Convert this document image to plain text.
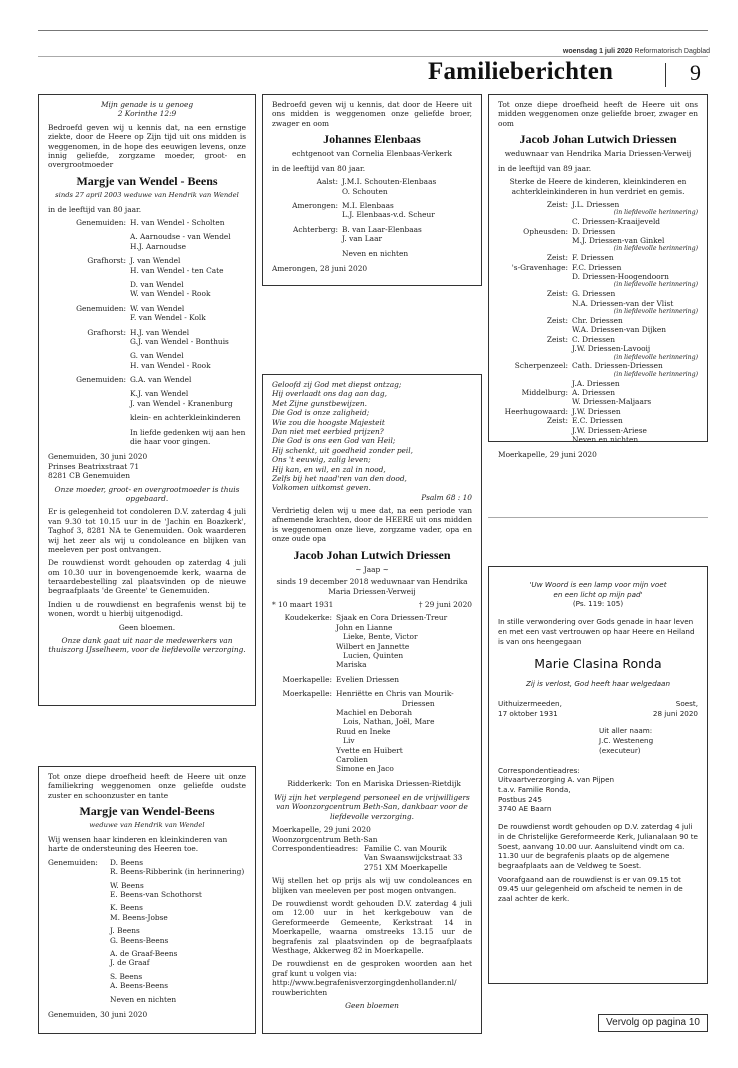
woensdag 1 juli 2020 Reformatorisch Dagblad
Familieberichten	9

Mijn genade is u genoeg

2 Korinthe 12:9

Bedroefd geven wij u kennis dat, na een ernstige ziekte, door de Heere op Zijn tijd uit ons midden is weggenomen, in de hope des eeuwigen levens, onze innig geliefde, zorgzame moeder, groot- en overgrootmoeder

Margje van Wendel - Beens
sinds 27 april 2003 weduwe van Hendrik van Wendel

in de leeftijd van 80 jaar.

Genemuiden: H. van Wendel - Scholten
A. Aarnoudse - van Wendel
H.J. Aarnoudse
Grafhorst: J. van Wendel
H. van Wendel - ten Cate
D. van Wendel
W. van Wendel - Rook
Genemuiden: W. van Wendel
F. van Wendel - Kolk
Grafhorst: H.J. van Wendel
G.J. van Wendel - Bonthuis
G. van Wendel
H. van Wendel - Rook
Genemuiden: G.A. van Wendel
K.J. van Wendel
J. van Wendel - Kranenburg
klein- en achterkleinkinderen
In liefde gedenken wij aan hen
die haar voor gingen.

Genemuiden, 30 juni 2020

Prinses Beatrixstraat 71

8281 CB Genemuiden

Onze moeder, groot- en overgrootmoeder is thuis opgebaard.

Er is gelegenheid tot condoleren D.V. zaterdag 4 juli van 9.30 tot 10.15 uur in de 'Jachin en Boazkerk', Taghof 3, 8281 NA te Genemuiden. Ook waarderen wij het zeer als wij u condoleance en blijken van meeleven per post ontvangen.

De rouwdienst wordt gehouden op zaterdag 4 juli om 10.30 uur in bovengenoemde kerk, waarna de teraardebestelling zal plaatsvinden op de nieuwe begraafplaats 'de Greente' te Genemuiden.

Indien u de rouwdienst en begrafenis wenst bij te wonen, wordt u hierbij uitgenodigd.

Geen bloemen.

Onze dank gaat uit naar de medewerkers van thuiszorg IJsselheem, voor de liefdevolle verzorging.

Tot onze diepe droefheid heeft de Heere uit onze familiekring weggenomen onze geliefde oudste zuster en schoonzuster en tante

Margje van Wendel-Beens
weduwe van Hendrik van Wendel

Wij wensen haar kinderen en kleinkinderen van harte de ondersteuning des Heeren toe.

Genemuiden:	D. Beens
R. Beens-Ribberink (in herinnering)
W. Beens
E. Beens-van Schothorst
K. Beens
M. Beens-Jobse
J. Beens
G. Beens-Beens
A. de Graaf-Beens
J. de Graaf
S. Beens
A. Beens-Beens
Neven en nichten

Genemuiden, 30 juni 2020

Bedroefd geven wij u kennis, dat door de Heere uit ons midden is weggenomen onze geliefde broer, zwager en oom

Johannes Elenbaas
echtgenoot van Cornelia Elenbaas-Verkerk

in de leeftijd van 80 jaar.

Aalst: J.M.I. Schouten-Elenbaas
O. Schouten
Amerongen: M.I. Elenbaas
L.J. Elenbaas-v.d. Scheur
Achterberg: B. van Laar-Elenbaas
J. van Laar
Neven en nichten

Amerongen, 28 juni 2020

Geloofd zij God met diepst ontzag;
Hij overlaadt ons dag aan dag,
Met Zijne gunstbewijzen.
Die God is onze zaligheid;
Wie zou die hoogste Majesteit
Dan niet met eerbied prijzen?
Die God is ons een God van Heil;
Hij schenkt, uit goedheid zonder peil,
Ons 't eeuwig, zalig leven;
Hij kan, en wil, en zal in nood,
Zelfs bij het naad'ren van den dood,
Volkomen uitkomst geven.

Psalm 68 : 10

Verdrietig delen wij u mee dat, na een periode van afnemende krachten, door de HEERE uit ons midden is weggenomen onze lieve, zorgzame vader, opa en onze oude opa

Jacob Johan Lutwich Driessen
~ Jaap ~

sinds 19 december 2018 weduwnaar van Hendrika Maria Driessen-Verweij

* 10 maart 1931	† 29 juni 2020
Koudekerke: Sjaak en Cora Driessen-Treur
John en Lianne
Lieke, Bente, Victor
Wilbert en Jannette
Lucien, Quinten
Mariska
Moerkapelle: Evelien Driessen
Moerkapelle: Henriëtte en Chris van Mourik-
Driessen
Machiel en Deborah
Lois, Nathan, Joël, Mare
Ruud en Ineke
Liv
Yvette en Huibert
Carolien
Simone en Jaco
Ridderkerk: Ton en Mariska Driessen-Rietdijk

Wij zijn het verplegend personeel en de vrijwilligers van Woonzorgcentrum Beth-San, dankbaar voor de liefdevolle verzorging.

Moerkapelle, 29 juni 2020

Woonzorgcentrum Beth-San

Correspondentieadres: Familie C. van Mourik
Van Swaanswijckstraat 33
2751 XM Moerkapelle

Wij stellen het op prijs als wij uw condoleances en blijken van meeleven per post mogen ontvangen.

De rouwdienst wordt gehouden D.V. zaterdag 4 juli om 12.00 uur in het kerkgebouw van de Gereformeerde Gemeente, Kerkstraat 14 in Moerkapelle, waarna omstreeks 13.15 uur de begrafenis zal plaatsvinden op de begraafplaats Westhage, Akkerweg 82 in Moerkapelle.

De rouwdienst en de gesproken woorden aan het graf kunt u volgen via:

http://www.begrafenisverzorgingdenhollander.nl/

rouwberichten

Geen bloemen

Tot onze diepe droefheid heeft de Heere uit ons midden weggenomen onze geliefde broer, zwager en oom

Jacob Johan Lutwich Driessen
weduwnaar van Hendrika Maria Driessen-Verweij

in de leeftijd van 89 jaar.

Sterke de Heere de kinderen, kleinkinderen en achterkleinkinderen in hun verdriet en gemis.

Zeist: J.L. Driessen
(in liefdevolle herinnering)
C. Driessen-Kraaijeveld
Opheusden: D. Driessen
M.J. Driessen-van Ginkel
(in liefdevolle herinnering)
Zeist: F. Driessen
's-Gravenhage: F.C. Driessen
D. Driessen-Hoogendoorn
(in liefdevolle herinnering)
Zeist: G. Driessen
N.A. Driessen-van der Vlist
(in liefdevolle herinnering)
Zeist: Chr. Driessen
W.A. Driessen-van Dijken
Zeist: C. Driessen
J.W. Driessen-Lavooij
(in liefdevolle herinnering)
Scherpenzeel: Cath. Driessen-Driessen
(in liefdevolle herinnering)
J.A. Driessen
Middelburg: A. Driessen
W. Driessen-Maljaars
Heerhugowaard: J.W. Driessen
Zeist: E.C. Driessen
J.W. Driessen-Ariese
Neven en nichten

Moerkapelle, 29 juni 2020

'Uw Woord is een lamp voor mijn voet

en een licht op mijn pad'

(Ps. 119: 105)

In stille verwondering over Gods genade in haar leven en met een vast vertrouwen op haar Heere en Heiland is van ons heengegaan

Marie Clasina Ronda

Zij is verlost, God heeft haar welgedaan

Uithuizermeeden,
17 oktober 1931
Soest,
28 juni 2020
Uit aller naam:
J.C. Westeneng
(executeur)
Correspondentieadres:
Uitvaartverzorging A. van Pijpen
t.a.v. Familie Ronda,
Postbus 245
3740 AE Baarn

De rouwdienst wordt gehouden op D.V. zaterdag 4 juli in de Christelijke Gereformeerde Kerk, Julianalaan 90 te Soest, aanvang 10.00 uur. Aansluitend vindt om ca. 11.30 uur de begrafenis plaats op de algemene begraafplaats aan de Veldweg te Soest.

Voorafgaand aan de rouwdienst is er van 09.15 tot 09.45 uur gelegenheid om afscheid te nemen in de zaal achter de kerk.

Vervolg op pagina 10
